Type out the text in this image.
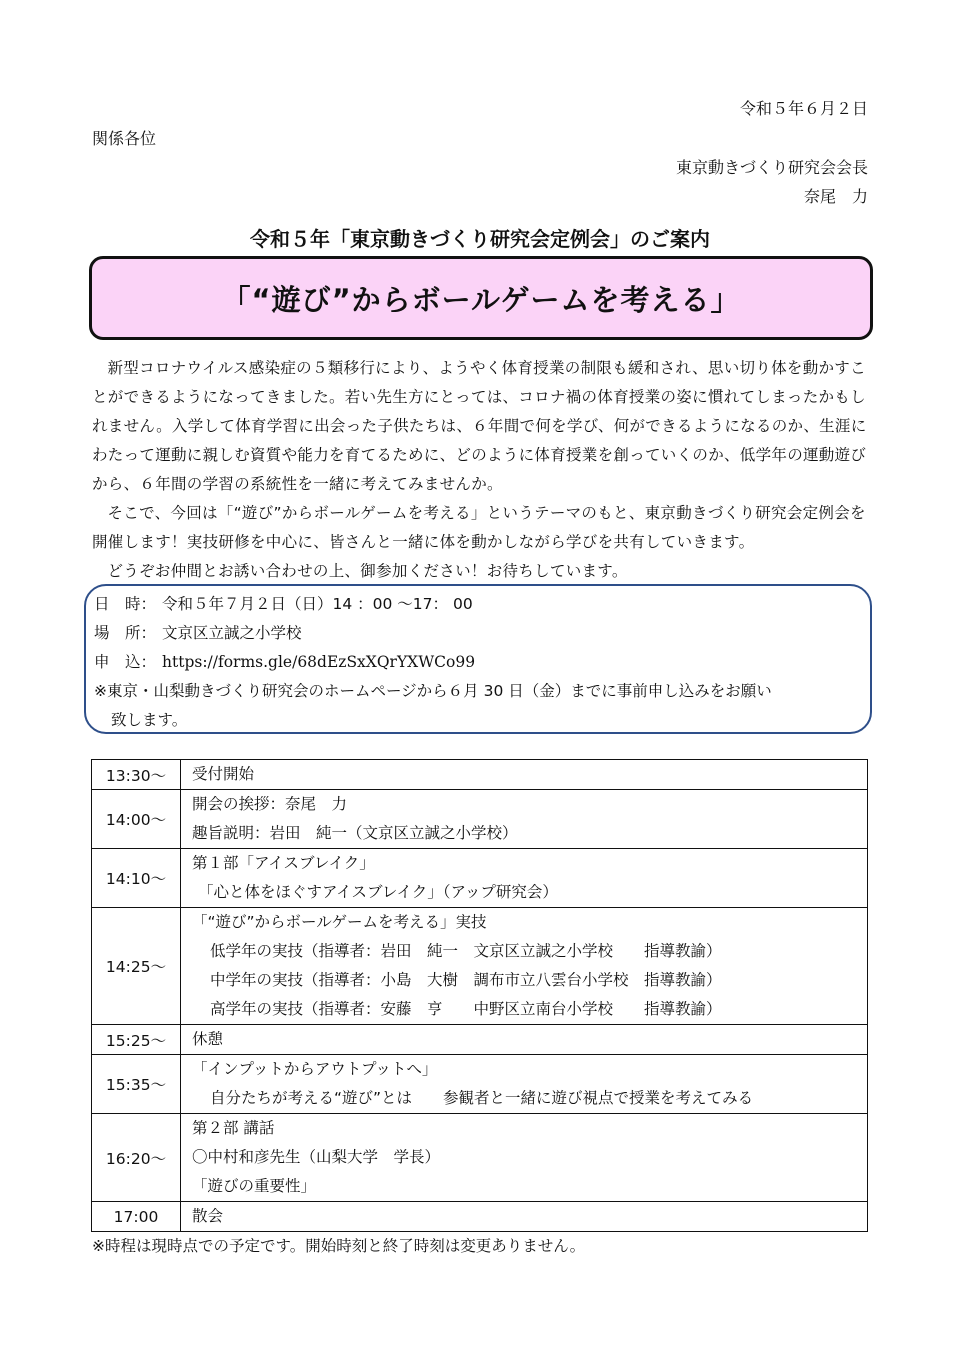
令和５年６月２日
関係各位
東京動きづくり研究会会長
奈尾　力
令和５年「東京動きづくり研究会定例会」のご案内
「“遊び”からボールゲームを考える」

新型コロナウイルス感染症の５類移行により、ようやく体育授業の制限も緩和され、思い切り体を動かすことができるようになってきました。若い先生方にとっては、コロナ禍の体育授業の姿に慣れてしまったかもしれません。入学して体育学習に出会った子供たちは、６年間で何を学び、何ができるようになるのか、生涯にわたって運動に親しむ資質や能力を育てるために、どのように体育授業を創っていくのか、低学年の運動遊びから、６年間の学習の系統性を一緒に考えてみませんか。

そこで、今回は「“遊び”からボールゲームを考える」というテーマのもと、東京動きづくり研究会定例会を開催します！実技研修を中心に、皆さんと一緒に体を動かしながら学びを共有していきます。

どうぞお仲間とお誘い合わせの上、御参加ください！お待ちしています。

日　時： 令和５年７月２日（日）14 ：00 ～17： 00
場　所： 文京区立誠之小学校
申　込： https://forms.gle/68dEzSxXQrYXWCo99
※東京・山梨動きづくり研究会のホームページから６月 30 日（金）までに事前申し込みをお願い
致します。
13:30～	受付開始

14:00～	開会の挨拶：奈尾　力
趣旨説明：岩田　純一（文京区立誠之小学校）

14:10～	第１部「アイスブレイク」
「心と体をほぐすアイスブレイク」（アップ研究会）

14:25～	「“遊び”からボールゲームを考える」実技
低学年の実技（指導者：岩田　純一　文京区立誠之小学校　　指導教諭）
中学年の実技（指導者：小島　大樹　調布市立八雲台小学校　指導教諭）
高学年の実技（指導者：安藤　亨　　中野区立南台小学校　　指導教諭）

15:25～	休憩

15:35～	「インプットからアウトプットへ」
自分たちが考える“遊び”とは　　参観者と一緒に遊び視点で授業を考えてみる

16:20～	第２部 講話
〇中村和彦先生（山梨大学　学長）
「遊びの重要性」

17:00	散会
※時程は現時点での予定です。開始時刻と終了時刻は変更ありません。
